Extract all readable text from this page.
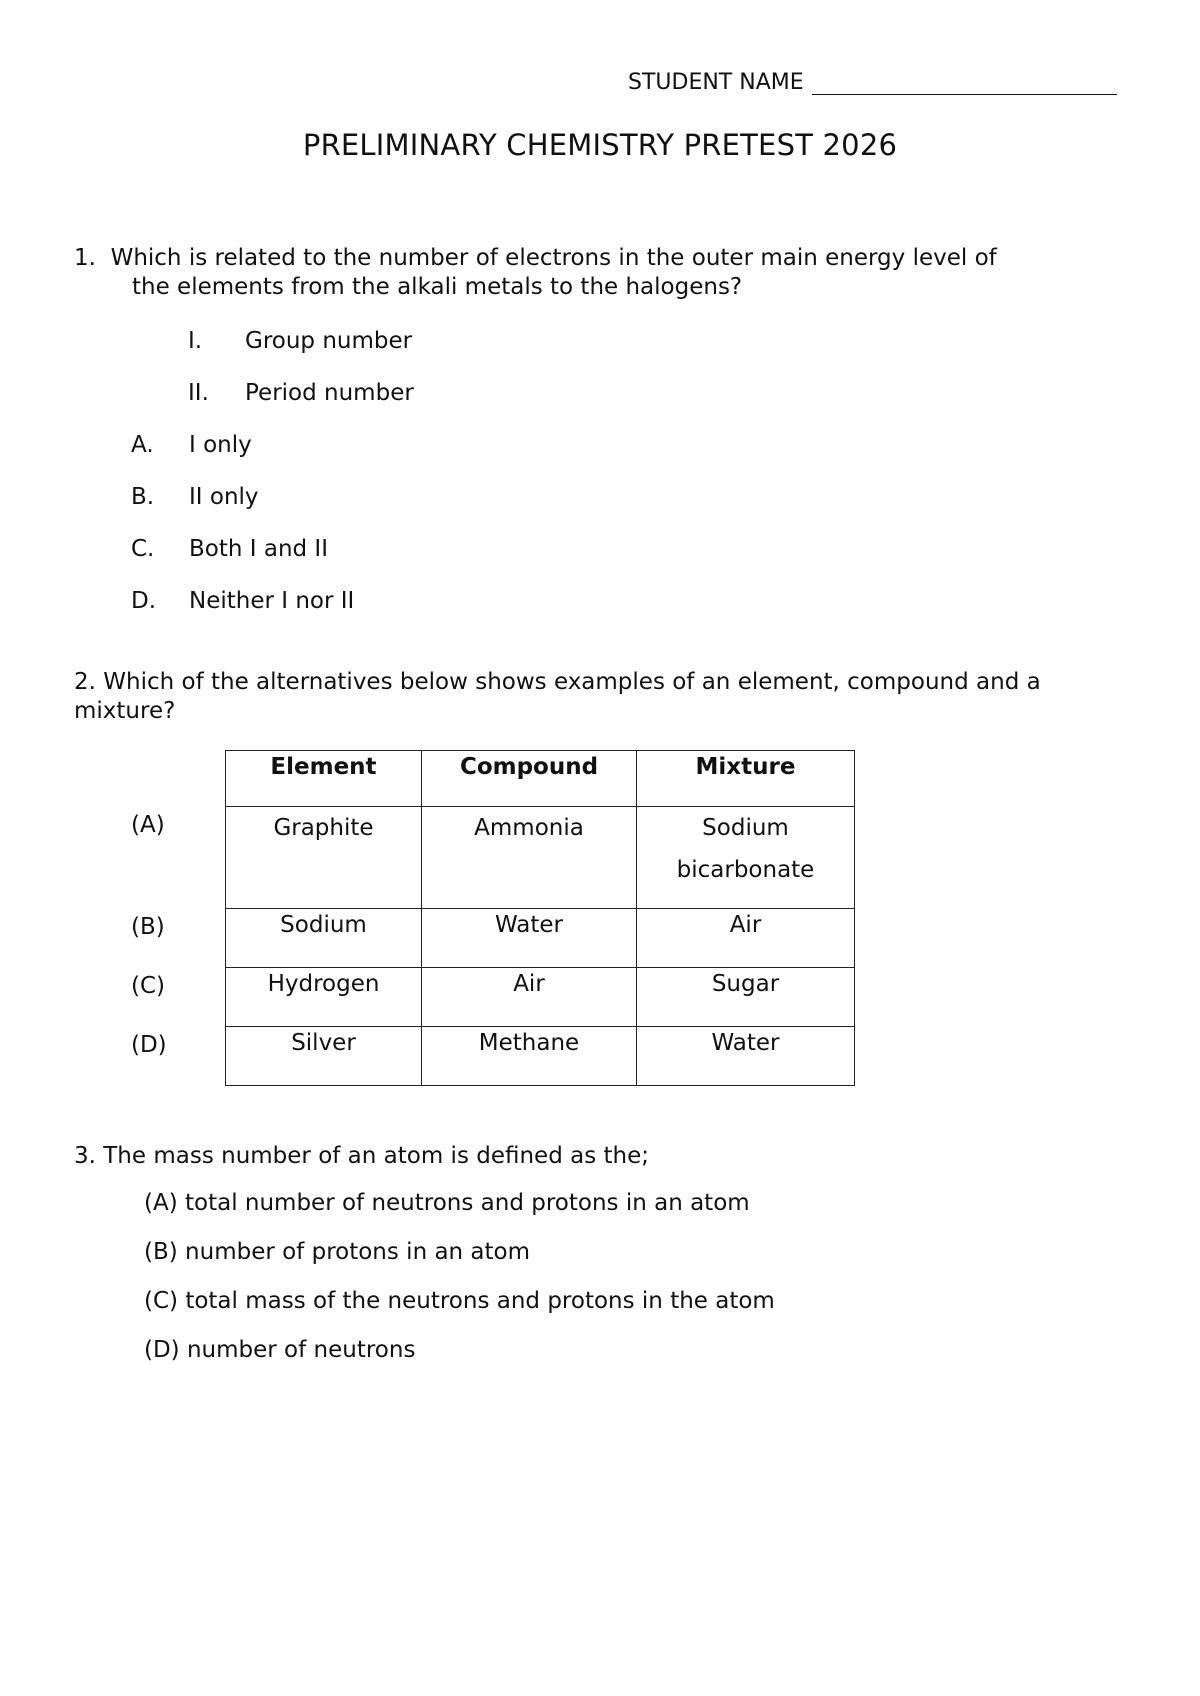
STUDENT NAME
PRELIMINARY CHEMISTRY PRETEST 2026
1. Which is related to the number of electrons in the outer main energy level of
the elements from the alkali metals to the halogens?
I. Group number
II. Period number
A. I only
B. II only
C. Both I and II
D. Neither I nor II
2. Which of the alternatives below shows examples of an element, compound and a mixture?
(A)
(B)
(C)
(D)
Element	Compound	Mixture
Graphite	Ammonia	Sodium bicarbonate
Sodium	Water	Air
Hydrogen	Air	Sugar
Silver	Methane	Water
3. The mass number of an atom is defined as the;
(A) total number of neutrons and protons in an atom
(B) number of protons in an atom
(C) total mass of the neutrons and protons in the atom
(D) number of neutrons
